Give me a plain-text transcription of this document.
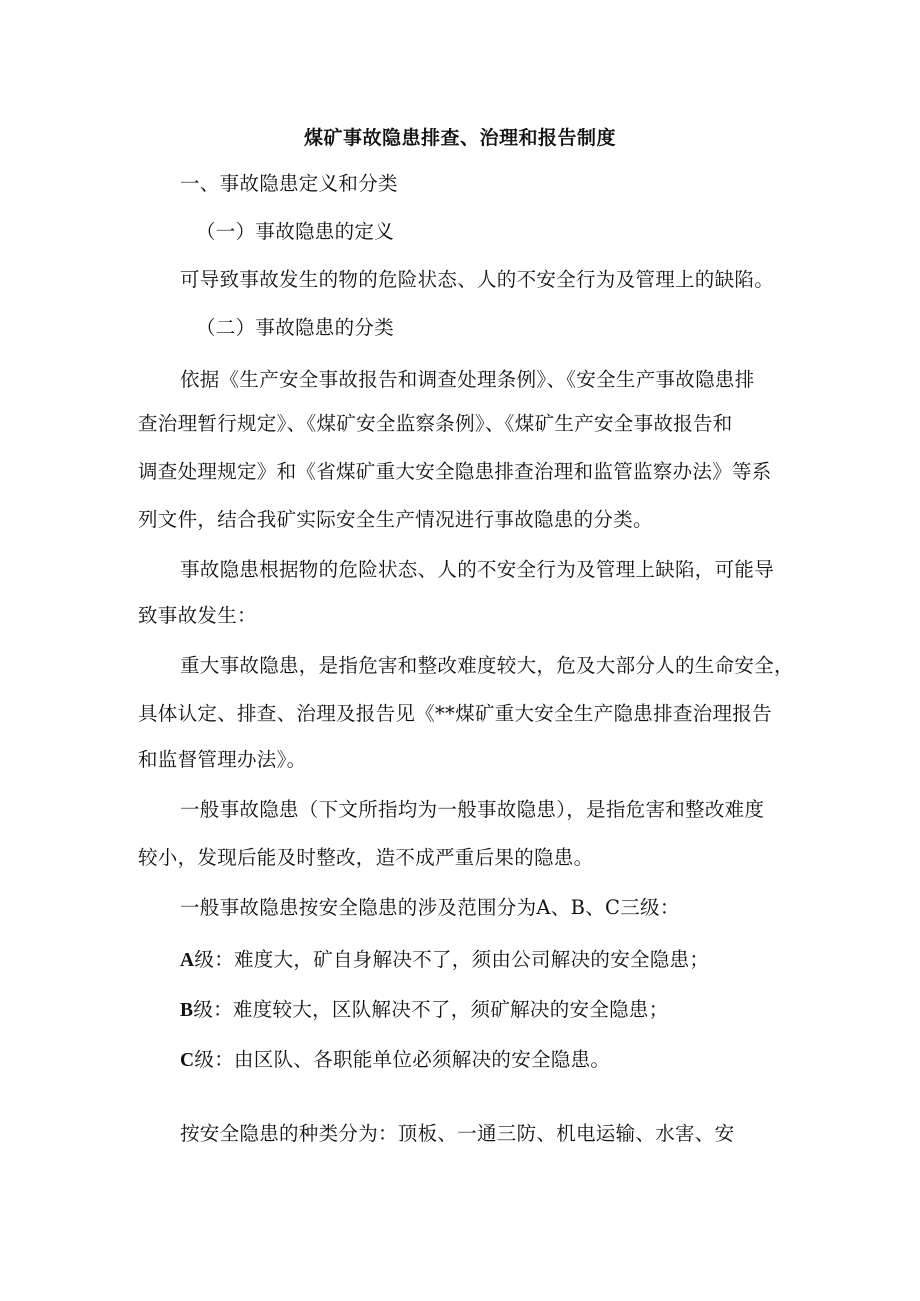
煤矿事故隐患排查、治理和报告制度
一、事故隐患定义和分类
（一）事故隐患的定义
可导致事故发生的物的危险状态、人的不安全行为及管理上的缺陷。
（二）事故隐患的分类
依据《生产安全事故报告和调查处理条例》、《安全生产事故隐患排
查治理暂行规定》、《煤矿安全监察条例》、《煤矿生产安全事故报告和
调查处理规定》和《省煤矿重大安全隐患排查治理和监管监察办法》等系
列文件，结合我矿实际安全生产情况进行事故隐患的分类。
事故隐患根据物的危险状态、人的不安全行为及管理上缺陷，可能导
致事故发生：
重大事故隐患，是指危害和整改难度较大，危及大部分人的生命安全，
具体认定、排查、治理及报告见《**煤矿重大安全生产隐患排查治理报告
和监督管理办法》。
一般事故隐患（下文所指均为一般事故隐患），是指危害和整改难度
较小，发现后能及时整改，造不成严重后果的隐患。
一般事故隐患按安全隐患的涉及范围分为A、B、C三级：
A级：难度大，矿自身解决不了，须由公司解决的安全隐患；
B级：难度较大，区队解决不了，须矿解决的安全隐患；
C级：由区队、各职能单位必须解决的安全隐患。
按安全隐患的种类分为：顶板、一通三防、机电运输、水害、安
